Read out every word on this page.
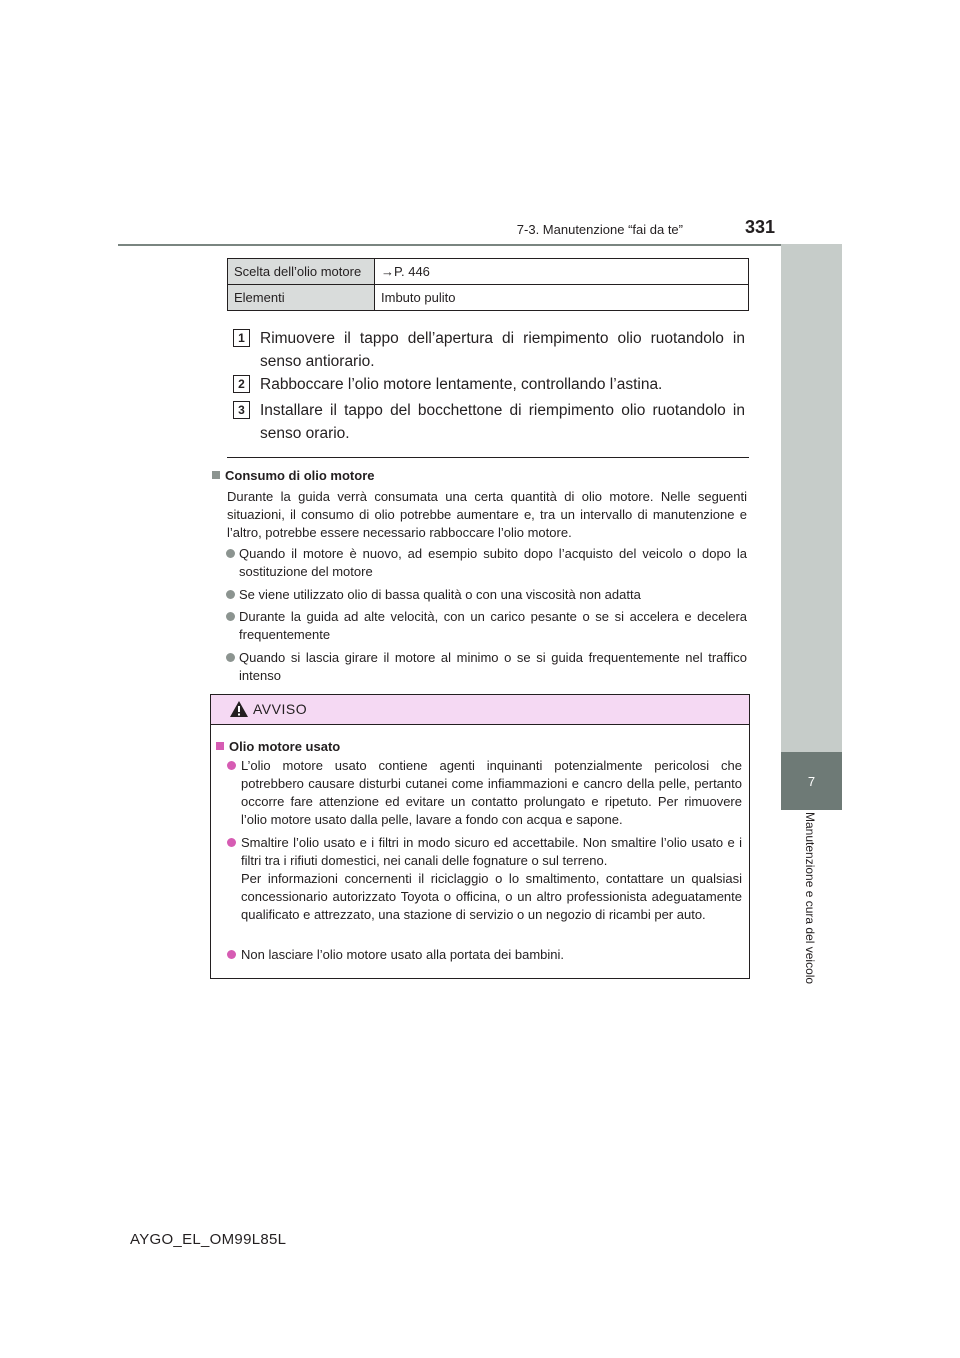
7-3. Manutenzione “fai da te”	331
7
Manutenzione e cura del veicolo
Scelta dell’olio motore	→P. 446
Elementi	Imbuto pulito
1 Rimuovere il tappo dell’apertura di riempimento olio ruotandolo in senso antiorario.
2 Rabboccare l’olio motore lentamente, controllando l’astina.
3 Installare il tappo del bocchettone di riempimento olio ruotandolo in senso orario.
Consumo di olio motore
Durante la guida verrà consumata una certa quantità di olio motore. Nelle seguenti situazioni, il consumo di olio potrebbe aumentare e, tra un intervallo di manutenzione e l’altro, potrebbe essere necessario rabboccare l’olio motore.
Quando il motore è nuovo, ad esempio subito dopo l’acquisto del veicolo o dopo la sostituzione del motore
Se viene utilizzato olio di bassa qualità o con una viscosità non adatta
Durante la guida ad alte velocità, con un carico pesante o se si accelera e decelera frequentemente
Quando si lascia girare il motore al minimo o se si guida frequentemente nel traffico intenso
AVVISO
Olio motore usato
L’olio motore usato contiene agenti inquinanti potenzialmente pericolosi che potrebbero causare disturbi cutanei come infiammazioni e cancro della pelle, pertanto occorre fare attenzione ed evitare un contatto prolungato e ripetuto. Per rimuovere l’olio motore usato dalla pelle, lavare a fondo con acqua e sapone.
Smaltire l’olio usato e i filtri in modo sicuro ed accettabile. Non smaltire l’olio usato e i filtri tra i rifiuti domestici, nei canali delle fognature o sul terreno.
Per informazioni concernenti il riciclaggio o lo smaltimento, contattare un qualsiasi concessionario autorizzato Toyota o officina, o un altro professionista adeguatamente qualificato e attrezzato, una stazione di servizio o un negozio di ricambi per auto.
Non lasciare l’olio motore usato alla portata dei bambini.
AYGO_EL_OM99L85L
